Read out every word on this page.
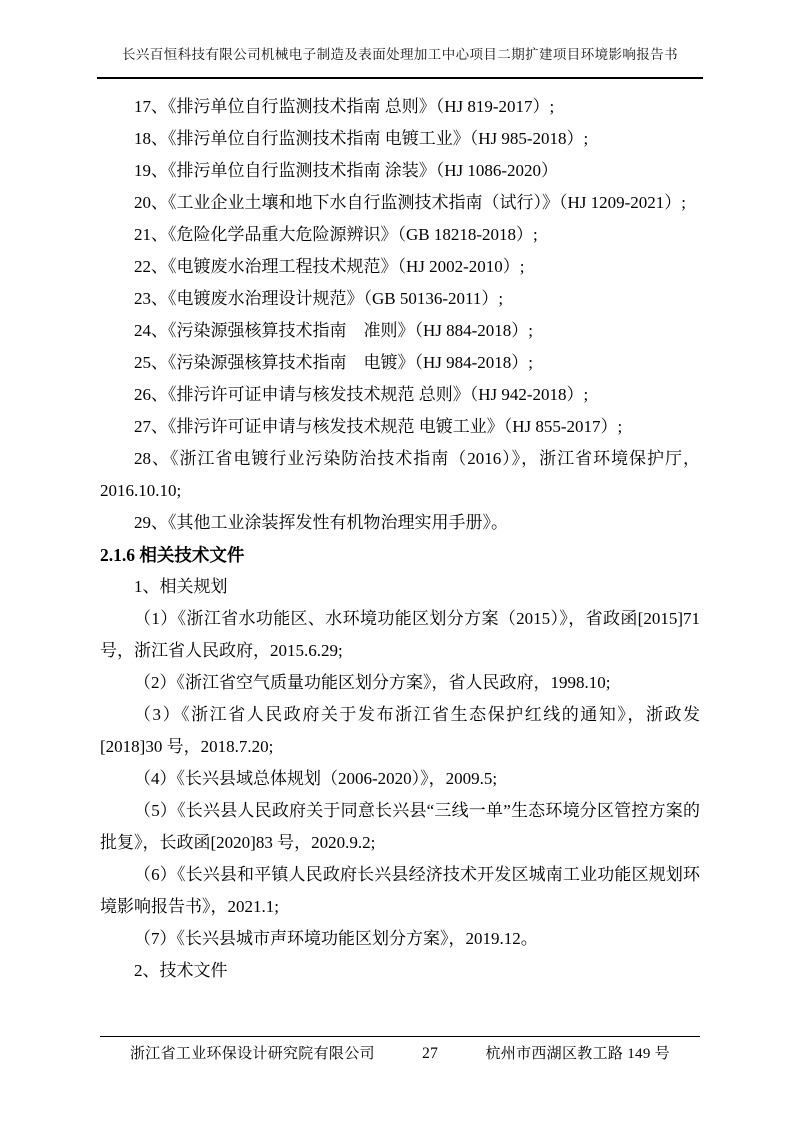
长兴百恒科技有限公司机械电子制造及表面处理加工中心项目二期扩建项目环境影响报告书

17、《排污单位自行监测技术指南 总则》（HJ 819-2017）;

18、《排污单位自行监测技术指南 电镀工业》（HJ 985-2018）;

19、《排污单位自行监测技术指南 涂装》（HJ 1086-2020）

20、《工业企业土壤和地下水自行监测技术指南（试行）》（HJ 1209-2021）;

21、《危险化学品重大危险源辨识》（GB 18218-2018）;

22、《电镀废水治理工程技术规范》（HJ 2002-2010）;

23、《电镀废水治理设计规范》（GB 50136-2011）;

24、《污染源强核算技术指南　准则》（HJ 884-2018）;

25、《污染源强核算技术指南　电镀》（HJ 984-2018）;

26、《排污许可证申请与核发技术规范 总则》（HJ 942-2018）;

27、《排污许可证申请与核发技术规范 电镀工业》（HJ 855-2017）;

28、《浙江省电镀行业污染防治技术指南（2016）》，浙江省环境保护厅，2016.10.10;

29、《其他工业涂装挥发性有机物治理实用手册》。

2.1.6 相关技术文件

1、相关规划

（1）《浙江省水功能区、水环境功能区划分方案（2015）》，省政函[2015]71 号，浙江省人民政府，2015.6.29;

（2）《浙江省空气质量功能区划分方案》，省人民政府，1998.10;

（3）《浙江省人民政府关于发布浙江省生态保护红线的通知》，浙政发[2018]30 号，2018.7.20;

（4）《长兴县域总体规划（2006-2020）》，2009.5;

（5）《长兴县人民政府关于同意长兴县“三线一单”生态环境分区管控方案的批复》，长政函[2020]83 号，2020.9.2;

（6）《长兴县和平镇人民政府长兴县经济技术开发区城南工业功能区规划环境影响报告书》，2021.1;

（7）《长兴县城市声环境功能区划分方案》，2019.12。

2、技术文件

浙江省工业环保设计研究院有限公司	27	杭州市西湖区教工路 149 号
